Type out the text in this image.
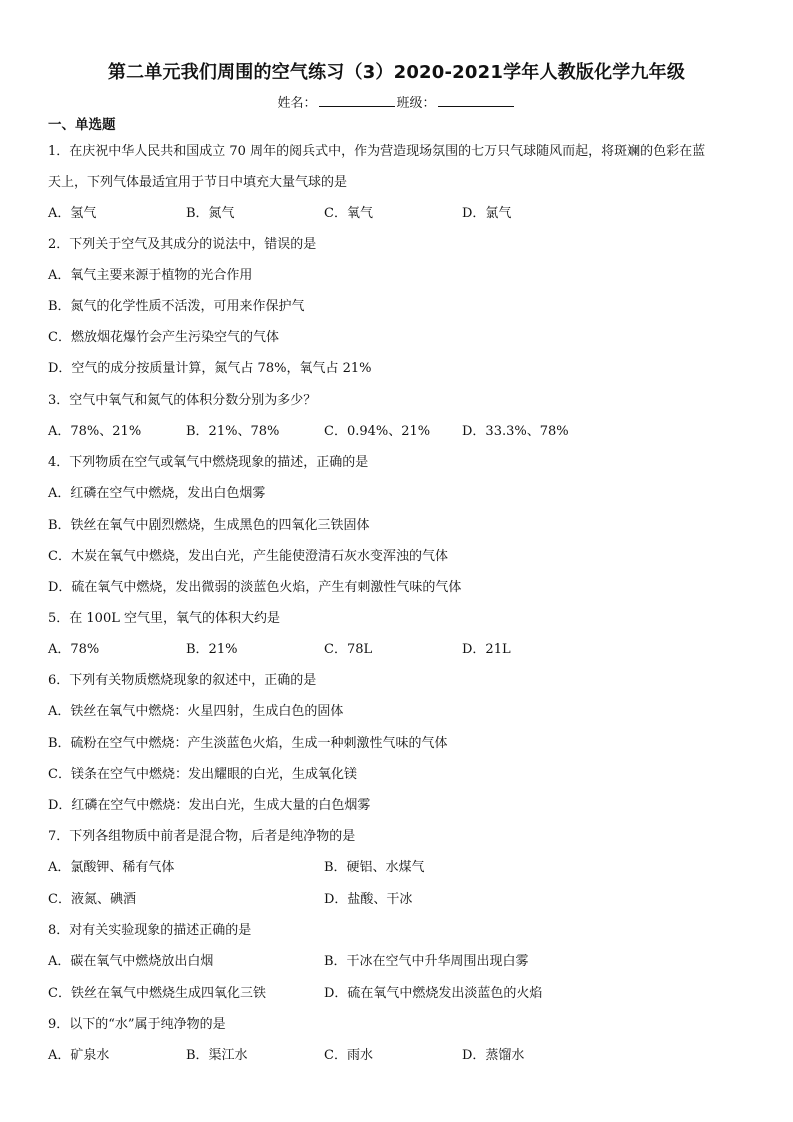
第二单元我们周围的空气练习（3）2020-2021学年人教版化学九年级
姓名：	班级：
一、单选题
1．在庆祝中华人民共和国成立 70 周年的阅兵式中，作为营造现场氛围的七万只气球随风而起，将斑斓的色彩在蓝
天上，下列气体最适宜用于节日中填充大量气球的是
A．氢气	B．氮气	C．氧气	D．氯气
2．下列关于空气及其成分的说法中，错误的是
A．氧气主要来源于植物的光合作用
B．氮气的化学性质不活泼，可用来作保护气
C．燃放烟花爆竹会产生污染空气的气体
D．空气的成分按质量计算，氮气占 78%，氧气占 21%
3．空气中氧气和氮气的体积分数分别为多少？
A．78%、21%	B．21%、78%	C．0.94%、21% D．33.3%、78%
4．下列物质在空气或氧气中燃烧现象的描述，正确的是
A．红磷在空气中燃烧，发出白色烟雾
B．铁丝在氧气中剧烈燃烧，生成黑色的四氧化三铁固体
C．木炭在氧气中燃烧，发出白光，产生能使澄清石灰水变浑浊的气体
D．硫在氧气中燃烧，发出微弱的淡蓝色火焰，产生有刺激性气味的气体
5．在 100L 空气里，氧气的体积大约是
A．78%	B．21%	C．78L	D．21L
6．下列有关物质燃烧现象的叙述中，正确的是
A．铁丝在氧气中燃烧：火星四射，生成白色的固体
B．硫粉在空气中燃烧：产生淡蓝色火焰，生成一种刺激性气味的气体
C．镁条在空气中燃烧：发出耀眼的白光，生成氧化镁
D．红磷在空气中燃烧：发出白光，生成大量的白色烟雾
7．下列各组物质中前者是混合物，后者是纯净物的是
A．氯酸钾、稀有气体	B．硬铝、水煤气
C．液氮、碘酒	D．盐酸、干冰
8．对有关实验现象的描述正确的是
A．碳在氧气中燃烧放出白烟	B．干冰在空气中升华周围出现白雾
C．铁丝在氧气中燃烧生成四氧化三铁	D．硫在氧气中燃烧发出淡蓝色的火焰
9．以下的“水”属于纯净物的是
A．矿泉水	B．渠江水	C．雨水	D．蒸馏水
